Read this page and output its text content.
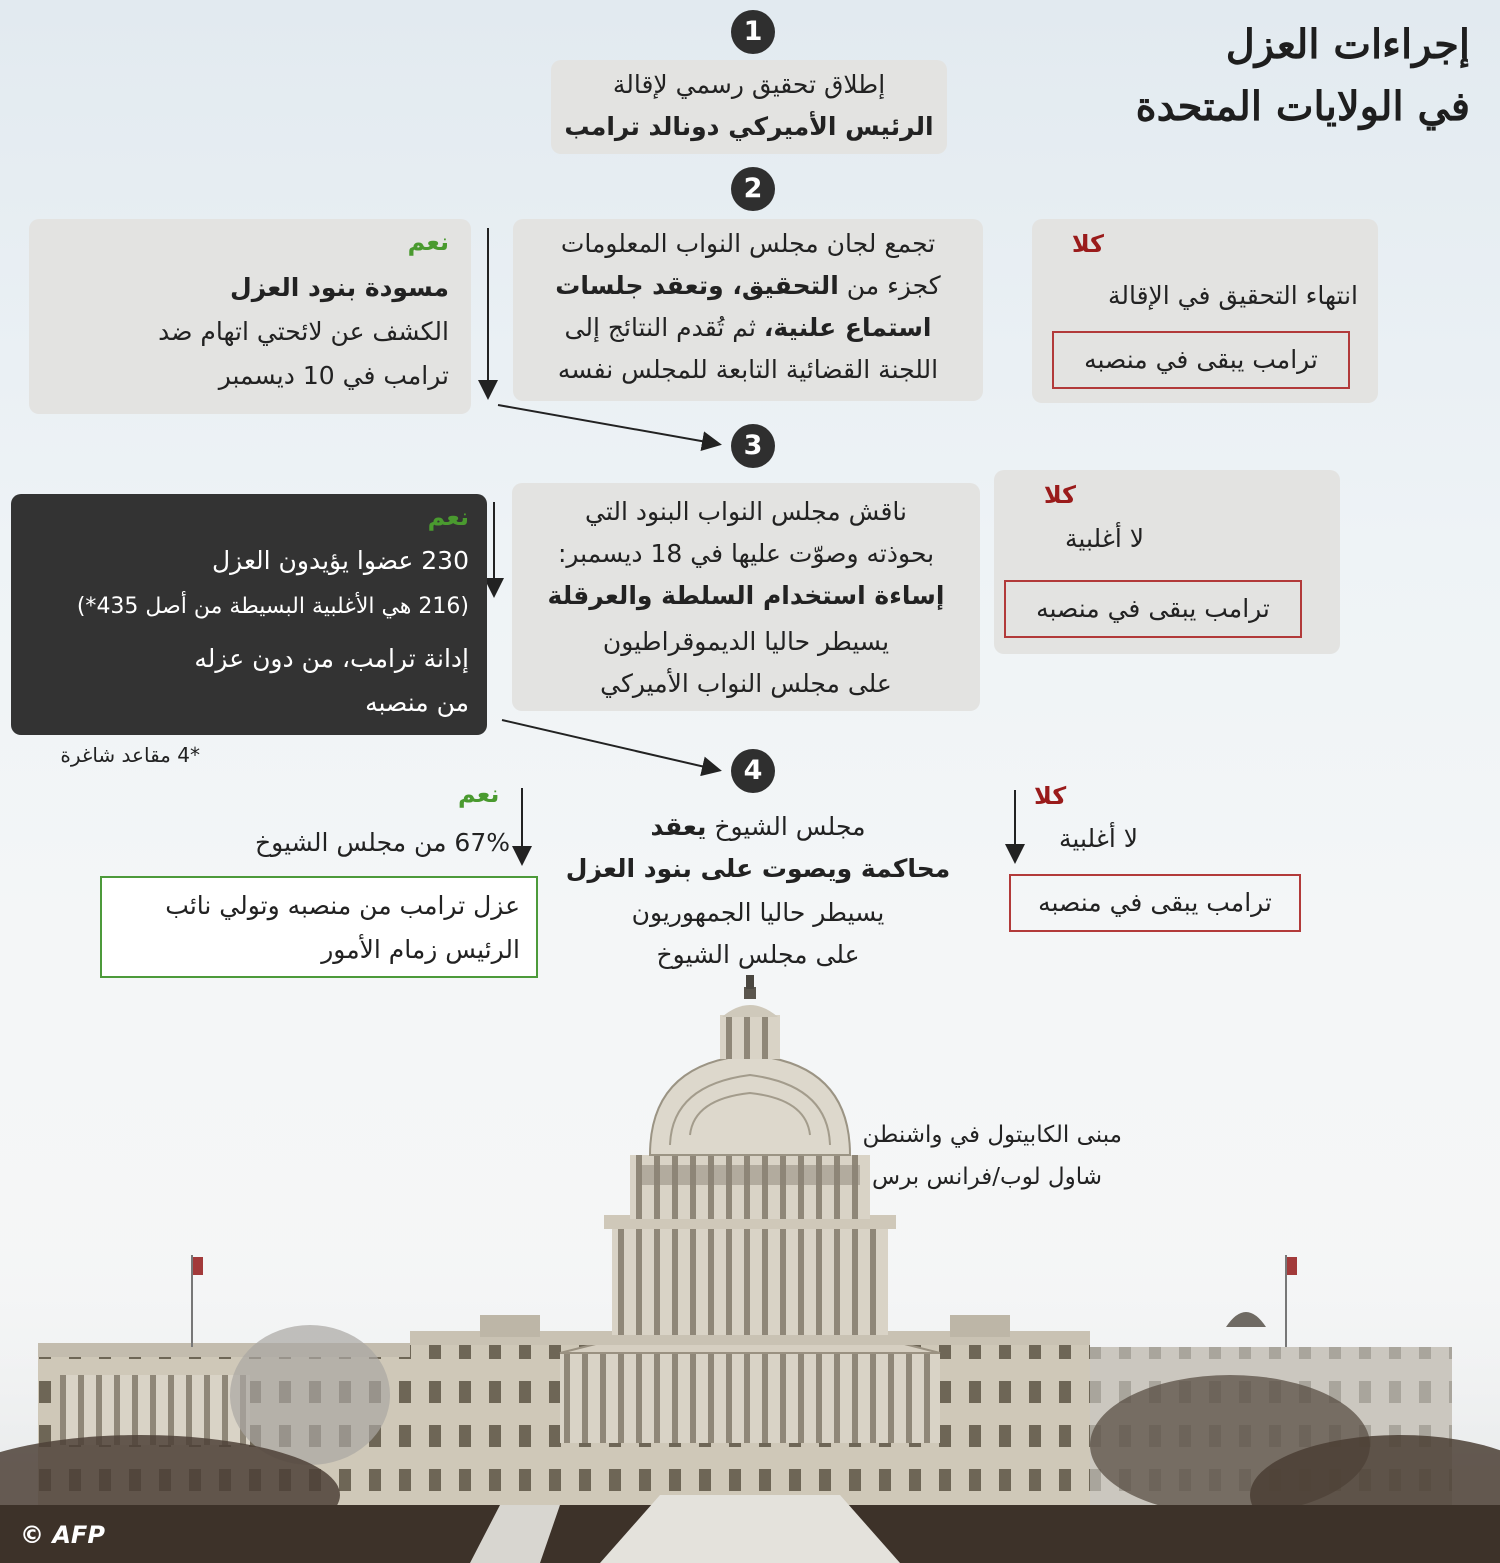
إجراءات العزل
في الولايات المتحدة
1
2
3
4
إطلاق تحقيق رسمي لإقالة
الرئيس الأميركي دونالد ترامب
تجمع لجان مجلس النواب المعلومات
كجزء من التحقيق، وتعقد جلسات
استماع علنية، ثم تُقدم النتائج إلى
اللجنة القضائية التابعة للمجلس نفسه
كلا
انتهاء التحقيق في الإقالة
ترامب يبقى في منصبه
نعم
مسودة بنود العزل
الكشف عن لائحتي اتهام ضد
ترامب في 10 ديسمبر
ناقش مجلس النواب البنود التي
بحوذته وصوّت عليها في 18 ديسمبر:
إساءة استخدام السلطة والعرقلة
يسيطر حاليا الديموقراطيون
على مجلس النواب الأميركي
كلا
لا أغلبية
ترامب يبقى في منصبه
نعم
230 عضوا يؤيدون العزل
(216 هي الأغلبية البسيطة من أصل 435*)
إدانة ترامب، من دون عزله
من منصبه
*4 مقاعد شاغرة
مجلس الشيوخ يعقد
محاكمة ويصوت على بنود العزل
يسيطر حاليا الجمهوريون
على مجلس الشيوخ
كلا
لا أغلبية
ترامب يبقى في منصبه
نعم
67% من مجلس الشيوخ
عزل ترامب من منصبه وتولي نائب
الرئيس زمام الأمور
مبنى الكابيتول في واشنطن
شاول لوب/فرانس برس
© AFP
